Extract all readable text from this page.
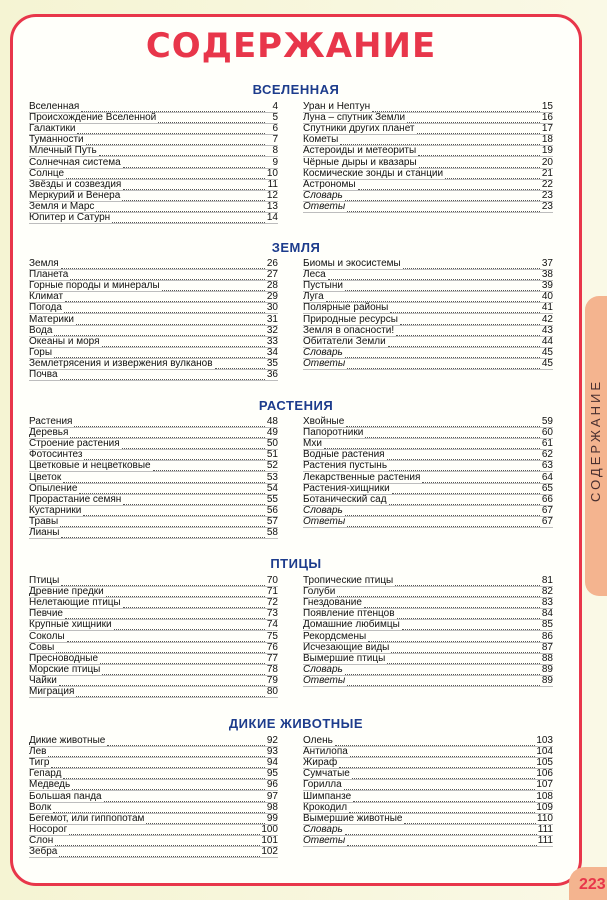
СОДЕРЖАНИЕ
СОДЕРЖАНИЕ
223
ВСЕЛЕННАЯ
Вселенная	4
Происхождение Вселенной	5
Галактики	6
Туманности	7
Млечный Путь	8
Солнечная система	9
Солнце	10
Звёзды и созвездия	11
Меркурий и Венера	12
Земля и Марс	13
Юпитер и Сатурн	14
Уран и Нептун	15
Луна – спутник Земли	16
Спутники других планет	17
Кометы	18
Астероиды и метеориты	19
Чёрные дыры и квазары	20
Космические зонды и станции	21
Астрономы	22
Словарь	23
Ответы	23
ЗЕМЛЯ
Земля	26
Планета	27
Горные породы и минералы	28
Климат	29
Погода	30
Материки	31
Вода	32
Океаны и моря	33
Горы	34
Землетрясения и извержения вулканов	35
Почва	36
Биомы и экосистемы	37
Леса	38
Пустыни	39
Луга	40
Полярные районы	41
Природные ресурсы	42
Земля в опасности!	43
Обитатели Земли	44
Словарь	45
Ответы	45
РАСТЕНИЯ
Растения	48
Деревья	49
Строение растения	50
Фотосинтез	51
Цветковые и нецветковые	52
Цветок	53
Опыление	54
Прорастание семян	55
Кустарники	56
Травы	57
Лианы	58
Хвойные	59
Папоротники	60
Мхи	61
Водные растения	62
Растения пустынь	63
Лекарственные растения	64
Растения-хищники	65
Ботанический сад	66
Словарь	67
Ответы	67
ПТИЦЫ
Птицы	70
Древние предки	71
Нелетающие птицы	72
Певчие	73
Крупные хищники	74
Соколы	75
Совы	76
Пресноводные	77
Морские птицы	78
Чайки	79
Миграция	80
Тропические птицы	81
Голуби	82
Гнездование	83
Появление птенцов	84
Домашние любимцы	85
Рекордсмены	86
Исчезающие виды	87
Вымершие птицы	88
Словарь	89
Ответы	89
ДИКИЕ ЖИВОТНЫЕ
Дикие животные	92
Лев	93
Тигр	94
Гепард	95
Медведь	96
Большая панда	97
Волк	98
Бегемот, или гиппопотам	99
Носорог	100
Слон	101
Зебра	102
Олень	103
Антилопа	104
Жираф	105
Сумчатые	106
Горилла	107
Шимпанзе	108
Крокодил	109
Вымершие животные	110
Словарь	111
Ответы	111
